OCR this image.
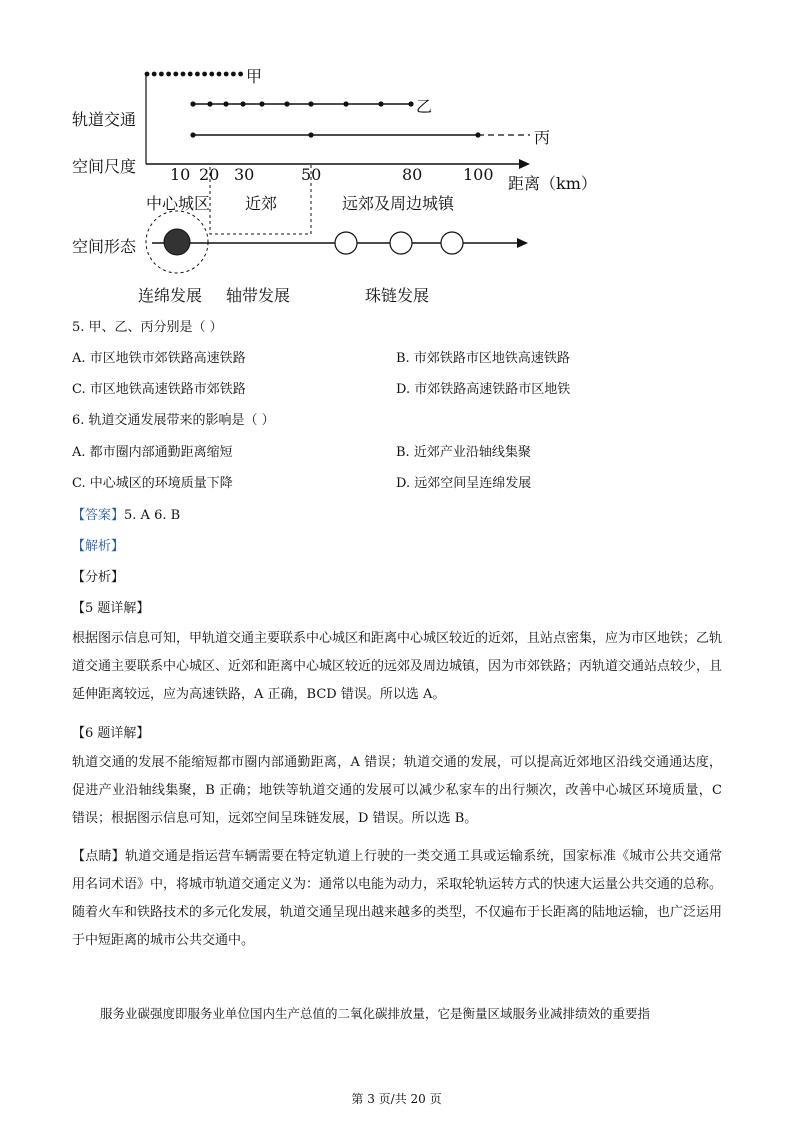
甲
乙
丙
轨道交通
空间尺度
空间形态
10 20 30	50	80	100 距离（km）
中心城区 近郊	远郊及周边城镇
连绵发展 轴带发展	珠链发展
5. 甲、乙、丙分别是（ ）
A. 市区地铁市郊铁路高速铁路	B. 市郊铁路市区地铁高速铁路
C. 市区地铁高速铁路市郊铁路	D. 市郊铁路高速铁路市区地铁
6. 轨道交通发展带来的影响是（ ）
A. 都市圈内部通勤距离缩短	B. 近郊产业沿轴线集聚
C. 中心城区的环境质量下降	D. 远郊空间呈连绵发展
【答案】5. A 6. B
【解析】
【分析】
【5 题详解】
根据图示信息可知，甲轨道交通主要联系中心城区和距离中心城区较近的近郊，且站点密集，应为市区地铁；乙轨道交通主要联系中心城区、近郊和距离中心城区较近的远郊及周边城镇，因为市郊铁路；丙轨道交通站点较少，且延伸距离较远，应为高速铁路，A 正确，BCD 错误。所以选 A。
【6 题详解】
轨道交通的发展不能缩短都市圈内部通勤距离，A 错误；轨道交通的发展，可以提高近郊地区沿线交通通达度，促进产业沿轴线集聚，B 正确；地铁等轨道交通的发展可以减少私家车的出行频次，改善中心城区环境质量，C 错误；根据图示信息可知，远郊空间呈珠链发展，D 错误。所以选 B。
【点睛】轨道交通是指运营车辆需要在特定轨道上行驶的一类交通工具或运输系统，国家标准《城市公共交通常用名词术语》中，将城市轨道交通定义为：通常以电能为动力，采取轮轨运转方式的快速大运量公共交通的总称。随着火车和铁路技术的多元化发展，轨道交通呈现出越来越多的类型，不仅遍布于长距离的陆地运输，也广泛运用于中短距离的城市公共交通中。
服务业碳强度即服务业单位国内生产总值的二氧化碳排放量，它是衡量区域服务业减排绩效的重要指
第 3 页/共 20 页
